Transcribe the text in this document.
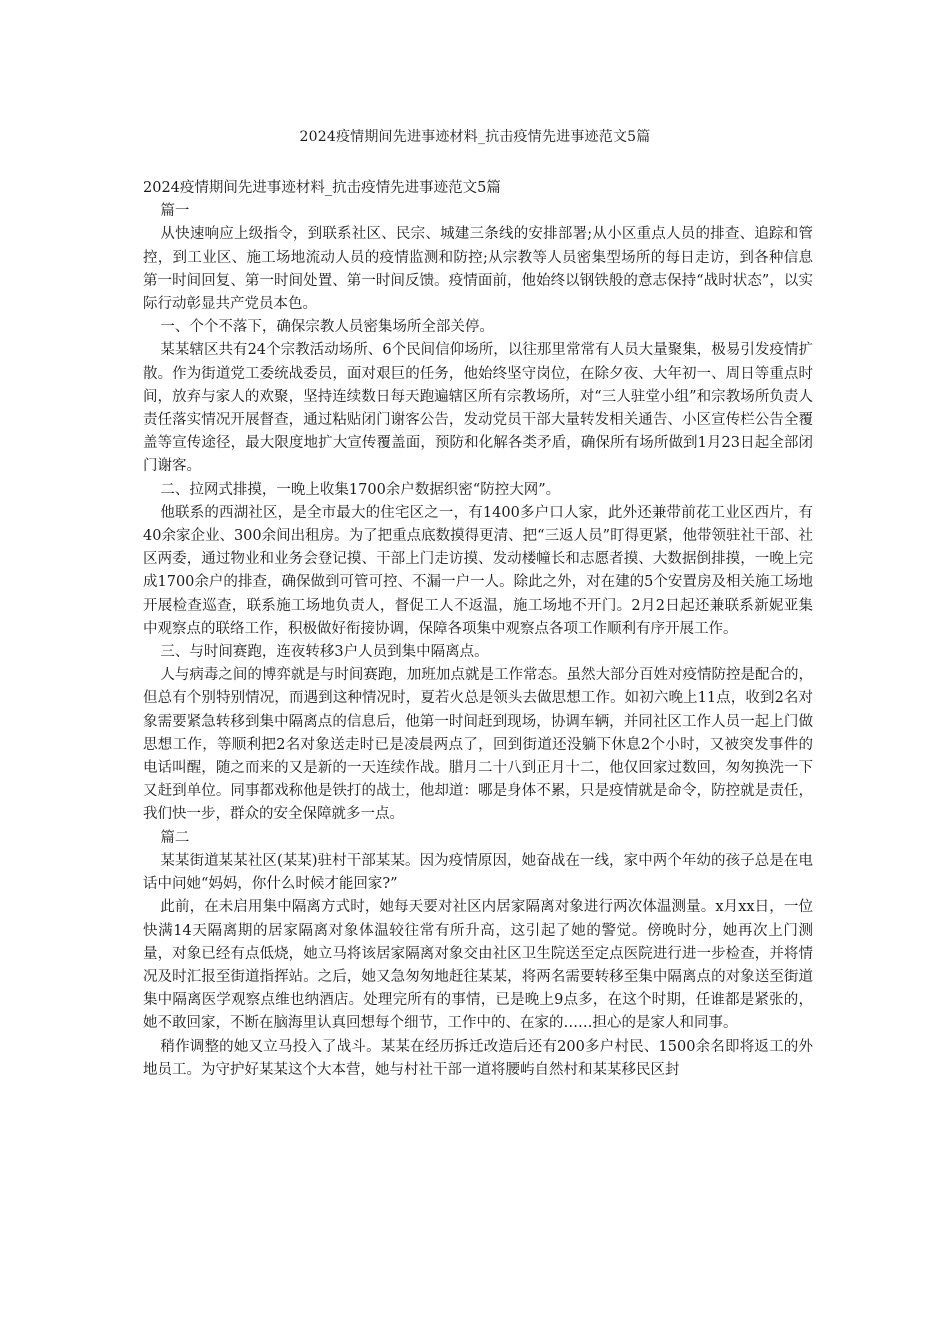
2024疫情期间先进事迹材料_抗击疫情先进事迹范文5篇

2024疫情期间先进事迹材料_抗击疫情先进事迹范文5篇

篇一

从快速响应上级指令，到联系社区、民宗、城建三条线的安排部署;从小区重点人员的排查、追踪和管控，到工业区、施工场地流动人员的疫情监测和防控;从宗教等人员密集型场所的每日走访，到各种信息第一时间回复、第一时间处置、第一时间反馈。疫情面前，他始终以钢铁般的意志保持“战时状态”，以实际行动彰显共产党员本色。

一、个个不落下，确保宗教人员密集场所全部关停。

某某辖区共有24个宗教活动场所、6个民间信仰场所，以往那里常常有人员大量聚集，极易引发疫情扩散。作为街道党工委统战委员，面对艰巨的任务，他始终坚守岗位，在除夕夜、大年初一、周日等重点时间，放弃与家人的欢聚，坚持连续数日每天跑遍辖区所有宗教场所，对“三人驻堂小组”和宗教场所负责人责任落实情况开展督查，通过粘贴闭门谢客公告，发动党员干部大量转发相关通告、小区宣传栏公告全覆盖等宣传途径，最大限度地扩大宣传覆盖面，预防和化解各类矛盾，确保所有场所做到1月23日起全部闭门谢客。

二、拉网式排摸，一晚上收集1700余户数据织密“防控大网”。

他联系的西湖社区，是全市最大的住宅区之一，有1400多户口人家，此外还兼带前花工业区西片，有40余家企业、300余间出租房。为了把重点底数摸得更清、把“三返人员”盯得更紧，他带领驻社干部、社区两委，通过物业和业务会登记摸、干部上门走访摸、发动楼幢长和志愿者摸、大数据倒排摸，一晚上完成1700余户的排查，确保做到可管可控、不漏一户一人。除此之外，对在建的5个安置房及相关施工场地开展检查巡查，联系施工场地负责人，督促工人不返温，施工场地不开门。2月2日起还兼联系新妮亚集中观察点的联络工作，积极做好衔接协调，保障各项集中观察点各项工作顺利有序开展工作。

三、与时间赛跑，连夜转移3户人员到集中隔离点。

人与病毒之间的博弈就是与时间赛跑，加班加点就是工作常态。虽然大部分百姓对疫情防控是配合的，但总有个别特别情况，而遇到这种情况时，夏若火总是领头去做思想工作。如初六晚上11点，收到2名对象需要紧急转移到集中隔离点的信息后，他第一时间赶到现场，协调车辆，并同社区工作人员一起上门做思想工作，等顺利把2名对象送走时已是凌晨两点了，回到街道还没躺下休息2个小时，又被突发事件的电话叫醒，随之而来的又是新的一天连续作战。腊月二十八到正月十二，他仅回家过数回，匆匆换洗一下又赶到单位。同事都戏称他是铁打的战士，他却道：哪是身体不累，只是疫情就是命令，防控就是责任，我们快一步，群众的安全保障就多一点。

篇二

某某街道某某社区(某某)驻村干部某某。因为疫情原因，她奋战在一线，家中两个年幼的孩子总是在电话中问她“妈妈，你什么时候才能回家?”

此前，在未启用集中隔离方式时，她每天要对社区内居家隔离对象进行两次体温测量。x月xx日，一位快满14天隔离期的居家隔离对象体温较往常有所升高，这引起了她的警觉。傍晚时分，她再次上门测量，对象已经有点低烧，她立马将该居家隔离对象交由社区卫生院送至定点医院进行进一步检查，并将情况及时汇报至街道指挥站。之后，她又急匆匆地赶往某某，将两名需要转移至集中隔离点的对象送至街道集中隔离医学观察点维也纳酒店。处理完所有的事情，已是晚上9点多，在这个时期，任谁都是紧张的，她不敢回家，不断在脑海里认真回想每个细节，工作中的、在家的……担心的是家人和同事。

稍作调整的她又立马投入了战斗。某某在经历拆迁改造后还有200多户村民、1500余名即将返工的外地员工。为守护好某某这个大本营，她与村社干部一道将腰屿自然村和某某移民区封
